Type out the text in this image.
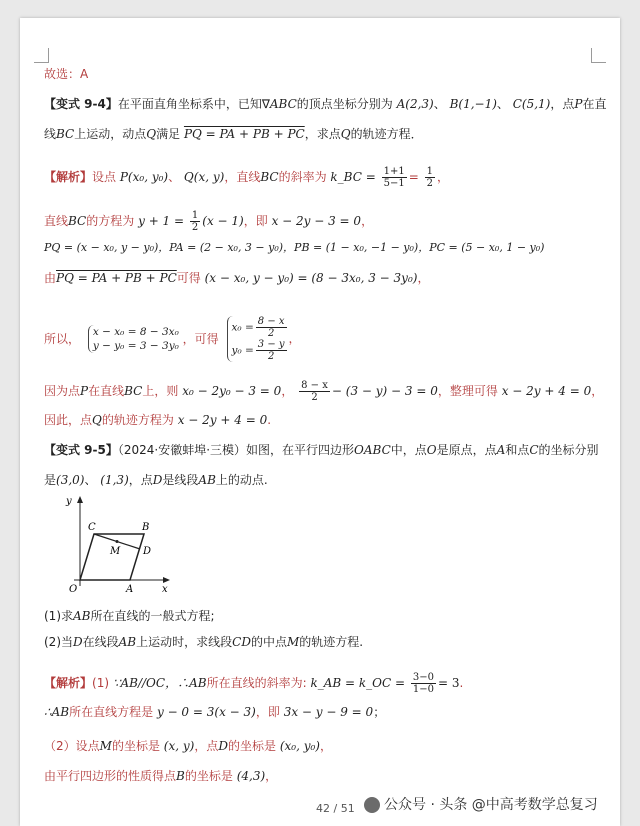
故选：A
【变式 9-4】在平面直角坐标系中，已知∇ABC的顶点坐标分别为 A(2,3)、 B(1,−1)、 C(5,1)，点P在直
线BC上运动，动点Q满足 PQ = PA + PB + PC，求点Q的轨迹方程．
【解析】设点 P(x₀, y₀)、 Q(x, y)，直线BC的斜率为 k_BC = $\frac{1+1}{5-1} = \frac{1}{2}$ ，
直线BC的方程为 $y + 1 = \frac{1}{2} (x - 1)$，即 x − 2y − 3 = 0，
PQ = (x − x₀, y − y₀)，PA = (2 − x₀, 3 − y₀)，PB = (1 − x₀, −1 − y₀)，PC = (5 − x₀, 1 − y₀)
由PQ = PA + PB + PC可得 (x − x₀, y − y₀) = (8 − 3x₀, 3 − 3y₀)，
所以， x − x₀ = 8 − 3x₀
y − y₀ = 3 − 3y₀ ，可得
$x_0 = \frac{8 - x}{2}$
$y_0 = \frac{3 - y}{2}$
，
因为点P在直线BC上，则 x₀ − 2y₀ − 3 = 0， $\frac{8 - x}{2} - (3 - y) - 3 = 0$，整理可得 x − 2y + 4 = 0，
因此，点Q的轨迹方程为 x − 2y + 4 = 0.
【变式 9-5】（2024·安徽蚌埠·三模）如图，在平行四边形OABC中，点O是原点，点A和点C的坐标分别
是(3,0)、 (1,3)，点D是线段AB上的动点.
y
x
O	A
B
C
D
M
(1)求AB所在直线的一般式方程;
(2)当D在线段AB上运动时，求线段CD的中点M的轨迹方程.
【解析】(1) ∵AB//OC，∴AB所在直线的斜率为: k_AB = k_OC = $\frac{3-0}{1-0} = 3$.
∴AB所在直线方程是 y − 0 = 3(x − 3)，即 3x − y − 9 = 0；
（2）设点M的坐标是 (x, y)，点D的坐标是 (x₀, y₀)，
由平行四边形的性质得点B的坐标是 (4,3)，
42 / 51	公众号 · 头条 @中高考数学总复习
